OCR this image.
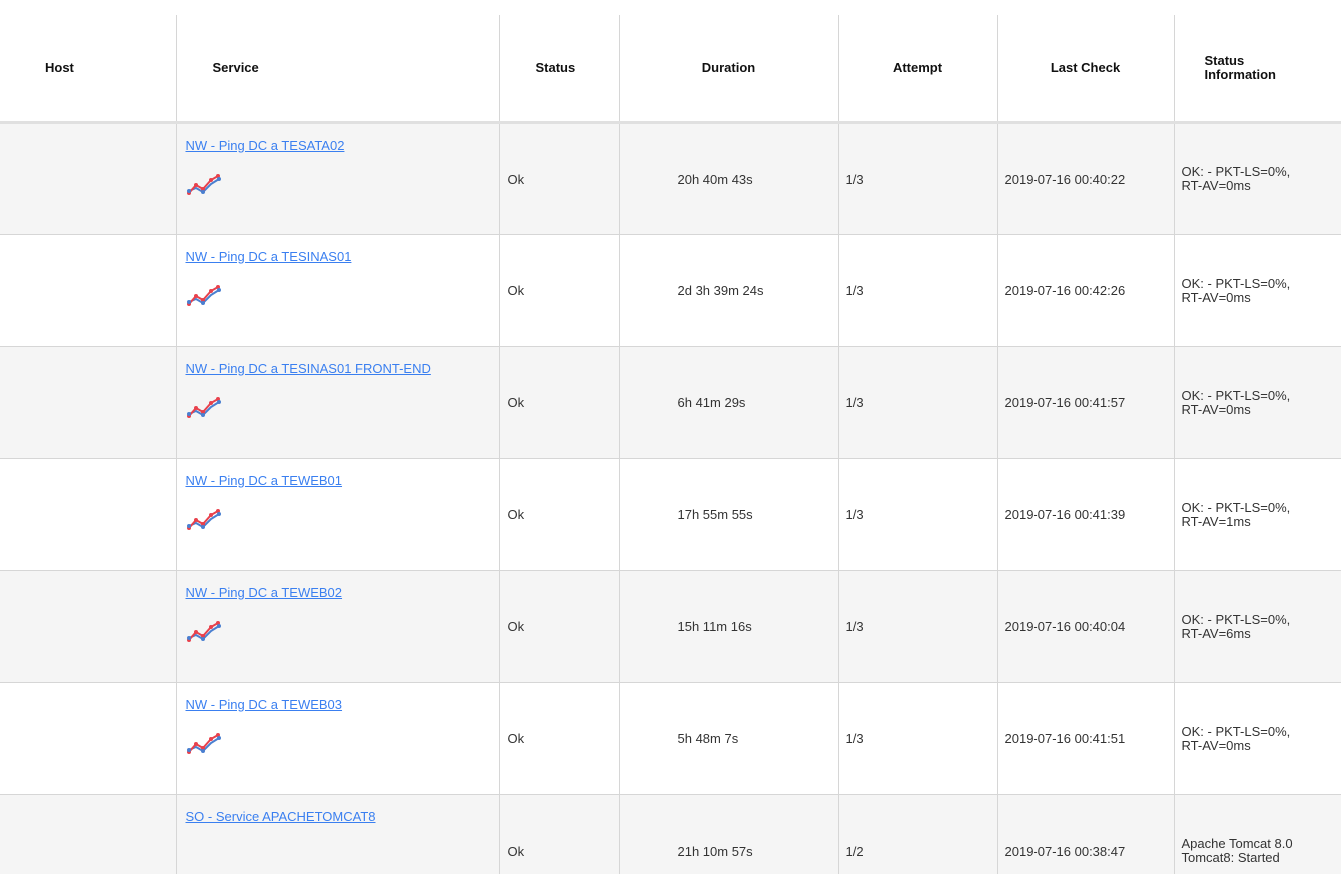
Host	Service	Status	Duration	Attempt	Last Check	Status
Information

	NW - Ping DC a TESATA02	Ok	20h 40m 43s	1/3	2019-07-16 00:40:22	OK: - PKT-LS=0%,
RT-AV=0ms

	NW - Ping DC a TESINAS01	Ok	2d 3h 39m 24s	1/3	2019-07-16 00:42:26	OK: - PKT-LS=0%,
RT-AV=0ms

	NW - Ping DC a TESINAS01 FRONT-END	Ok	6h 41m 29s	1/3	2019-07-16 00:41:57	OK: - PKT-LS=0%,
RT-AV=0ms

	NW - Ping DC a TEWEB01	Ok	17h 55m 55s	1/3	2019-07-16 00:41:39	OK: - PKT-LS=0%,
RT-AV=1ms

	NW - Ping DC a TEWEB02	Ok	15h 11m 16s	1/3	2019-07-16 00:40:04	OK: - PKT-LS=0%,
RT-AV=6ms

	NW - Ping DC a TEWEB03	Ok	5h 48m 7s	1/3	2019-07-16 00:41:51	OK: - PKT-LS=0%,
RT-AV=0ms

	SO - Service APACHETOMCAT8	Ok	21h 10m 57s	1/2	2019-07-16 00:38:47	Apache Tomcat 8.0
Tomcat8: Started
